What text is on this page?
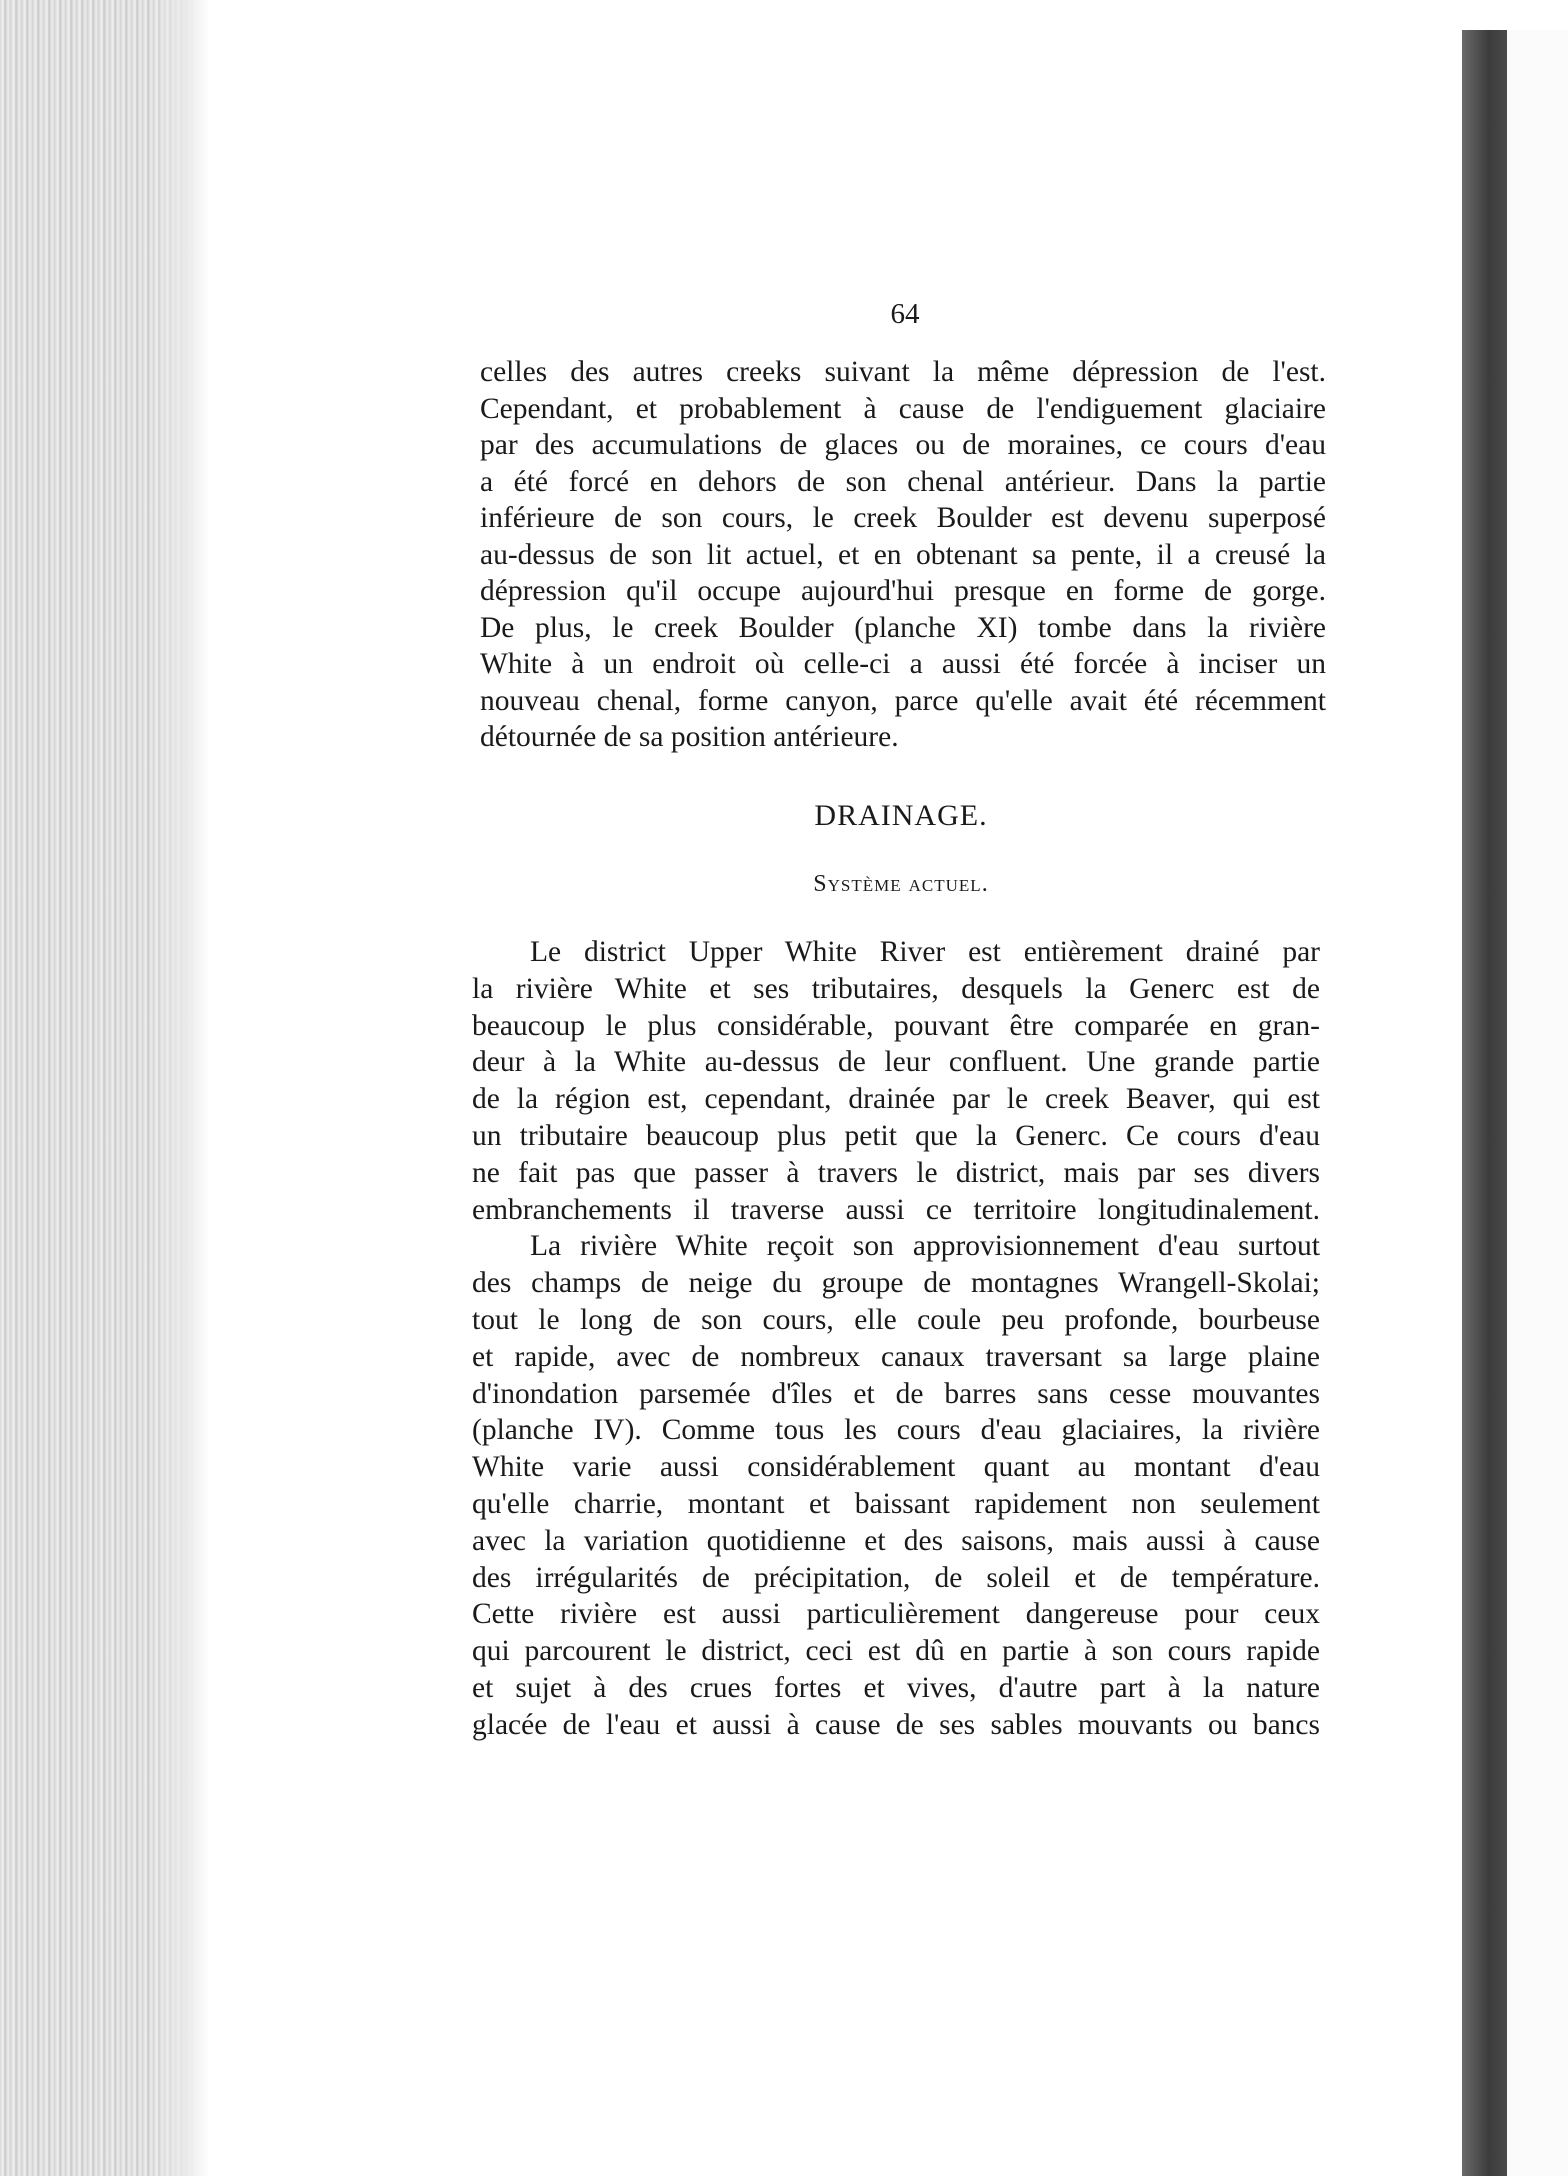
64
celles des autres creeks suivant la même dépression de l'est.
Cependant, et probablement à cause de l'endiguement glaciaire
par des accumulations de glaces ou de moraines, ce cours d'eau
a été forcé en dehors de son chenal antérieur. Dans la partie
inférieure de son cours, le creek Boulder est devenu superposé
au-dessus de son lit actuel, et en obtenant sa pente, il a creusé la
dépression qu'il occupe aujourd'hui presque en forme de gorge.
De plus, le creek Boulder (planche XI) tombe dans la rivière
White à un endroit où celle-ci a aussi été forcée à inciser un
nouveau chenal, forme canyon, parce qu'elle avait été récemment
détournée de sa position antérieure.
DRAINAGE.
Système actuel.
Le district Upper White River est entièrement drainé par
la rivière White et ses tributaires, desquels la Generc est de
beaucoup le plus considérable, pouvant être comparée en gran-
deur à la White au-dessus de leur confluent. Une grande partie
de la région est, cependant, drainée par le creek Beaver, qui est
un tributaire beaucoup plus petit que la Generc. Ce cours d'eau
ne fait pas que passer à travers le district, mais par ses divers
embranchements il traverse aussi ce territoire longitudinalement.
La rivière White reçoit son approvisionnement d'eau surtout
des champs de neige du groupe de montagnes Wrangell-Skolai;
tout le long de son cours, elle coule peu profonde, bourbeuse
et rapide, avec de nombreux canaux traversant sa large plaine
d'inondation parsemée d'îles et de barres sans cesse mouvantes
(planche IV). Comme tous les cours d'eau glaciaires, la rivière
White varie aussi considérablement quant au montant d'eau
qu'elle charrie, montant et baissant rapidement non seulement
avec la variation quotidienne et des saisons, mais aussi à cause
des irrégularités de précipitation, de soleil et de température.
Cette rivière est aussi particulièrement dangereuse pour ceux
qui parcourent le district, ceci est dû en partie à son cours rapide
et sujet à des crues fortes et vives, d'autre part à la nature
glacée de l'eau et aussi à cause de ses sables mouvants ou bancs
